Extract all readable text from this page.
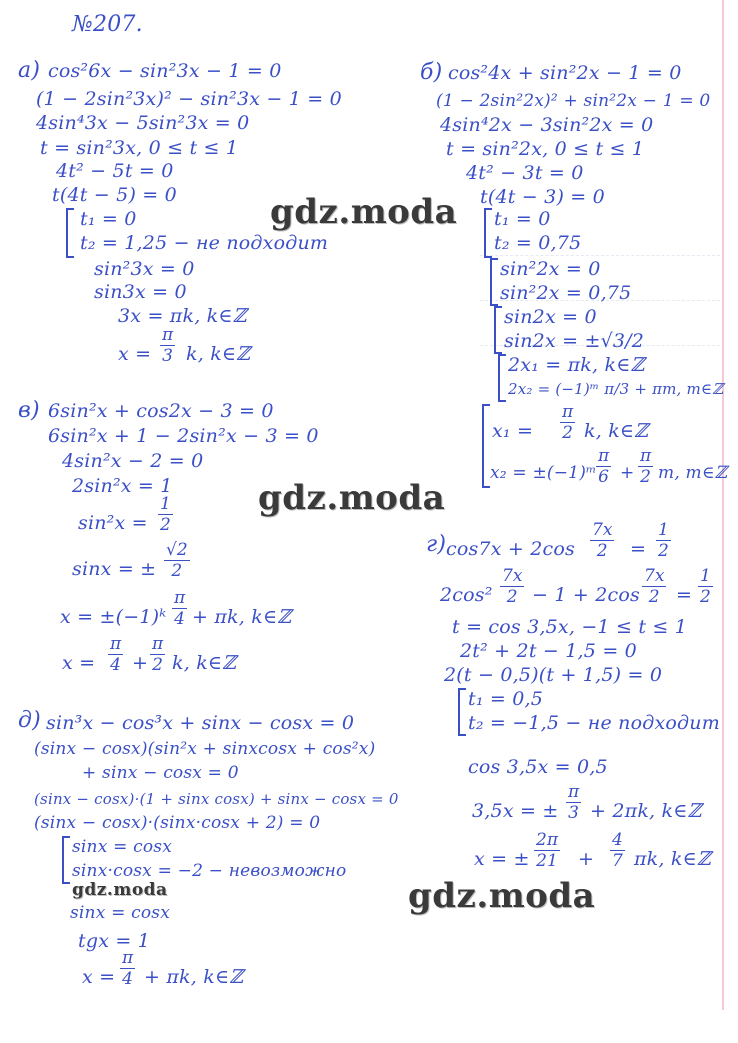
№207.
а) cos²6x − sin²3x − 1 = 0
(1 − 2sin²3x)² − sin²3x − 1 = 0
4sin⁴3x − 5sin²3x = 0
t = sin²3x, 0 ≤ t ≤ 1
4t² − 5t = 0
t(4t − 5) = 0
t₁ = 0
t₂ = 1,25 − не подходит
sin²3x = 0
sin3x = 0
3x = πk, k∈ℤ
$x = \frac{\pi}{3} k$, k∈ℤ
б) cos²4x + sin²2x − 1 = 0
(1 − 2sin²2x)² + sin²2x − 1 = 0
4sin⁴2x − 3sin²2x = 0
t = sin²2x, 0 ≤ t ≤ 1
4t² − 3t = 0
t(4t − 3) = 0
t₁ = 0
t₂ = 0,75
sin²2x = 0
sin²2x = 0,75
sin2x = 0
sin2x = ±√3/2
2x₁ = πk, k∈ℤ
2x₂ = (−1)ᵐ π/3 + πm, m∈ℤ
$x_1 = \frac{\pi}{2} k$, k∈ℤ
x₂ = ±(−1)ᵐ $\frac{\pi}{6} + \frac{\pi}{2} m$, m∈ℤ
в) 6sin²x + cos2x − 3 = 0
6sin²x + 1 − 2sin²x − 3 = 0
4sin²x − 2 = 0
2sin²x = 1
$\sin^2x = \frac{1}{2}$
sinx = ± $\frac{√2}{2}$
x = ±(−1)ᵏ $\frac{\pi}{4} + \pi k$, k∈ℤ
$x = \frac{\pi}{4} + \frac{\pi}{2} k$, k∈ℤ
г) $\cos 7x + 2\cos \frac{7x}{2} = \frac{1}{2}$
$2\cos^2 \frac{7x}{2} - 1 + 2\cos \frac{7x}{2} = \frac{1}{2}$
t = cos 3,5x, −1 ≤ t ≤ 1
2t² + 2t − 1,5 = 0
2(t − 0,5)(t + 1,5) = 0
t₁ = 0,5
t₂ = −1,5 − не подходит
cos 3,5x = 0,5
3,5x = ± $\frac{\pi}{3} + 2\pi k$, k∈ℤ
x = ± $\frac{2\pi}{21} + \frac{4}{7} \pi k$, k∈ℤ
д) sin³x − cos³x + sinx − cosx = 0
(sinx − cosx)(sin²x + sinxcosx + cos²x)
+ sinx − cosx = 0
(sinx − cosx)·(1 + sinx cosx) + sinx − cosx = 0
(sinx − cosx)·(sinx·cosx + 2) = 0
sinx = cosx
sinx·cosx = −2 − невозможно
sinx = cosx
tgx = 1
$x = \frac{\pi}{4} + \pi k$, k∈ℤ
gdz.moda
gdz.moda
gdz.moda	gdz.moda
